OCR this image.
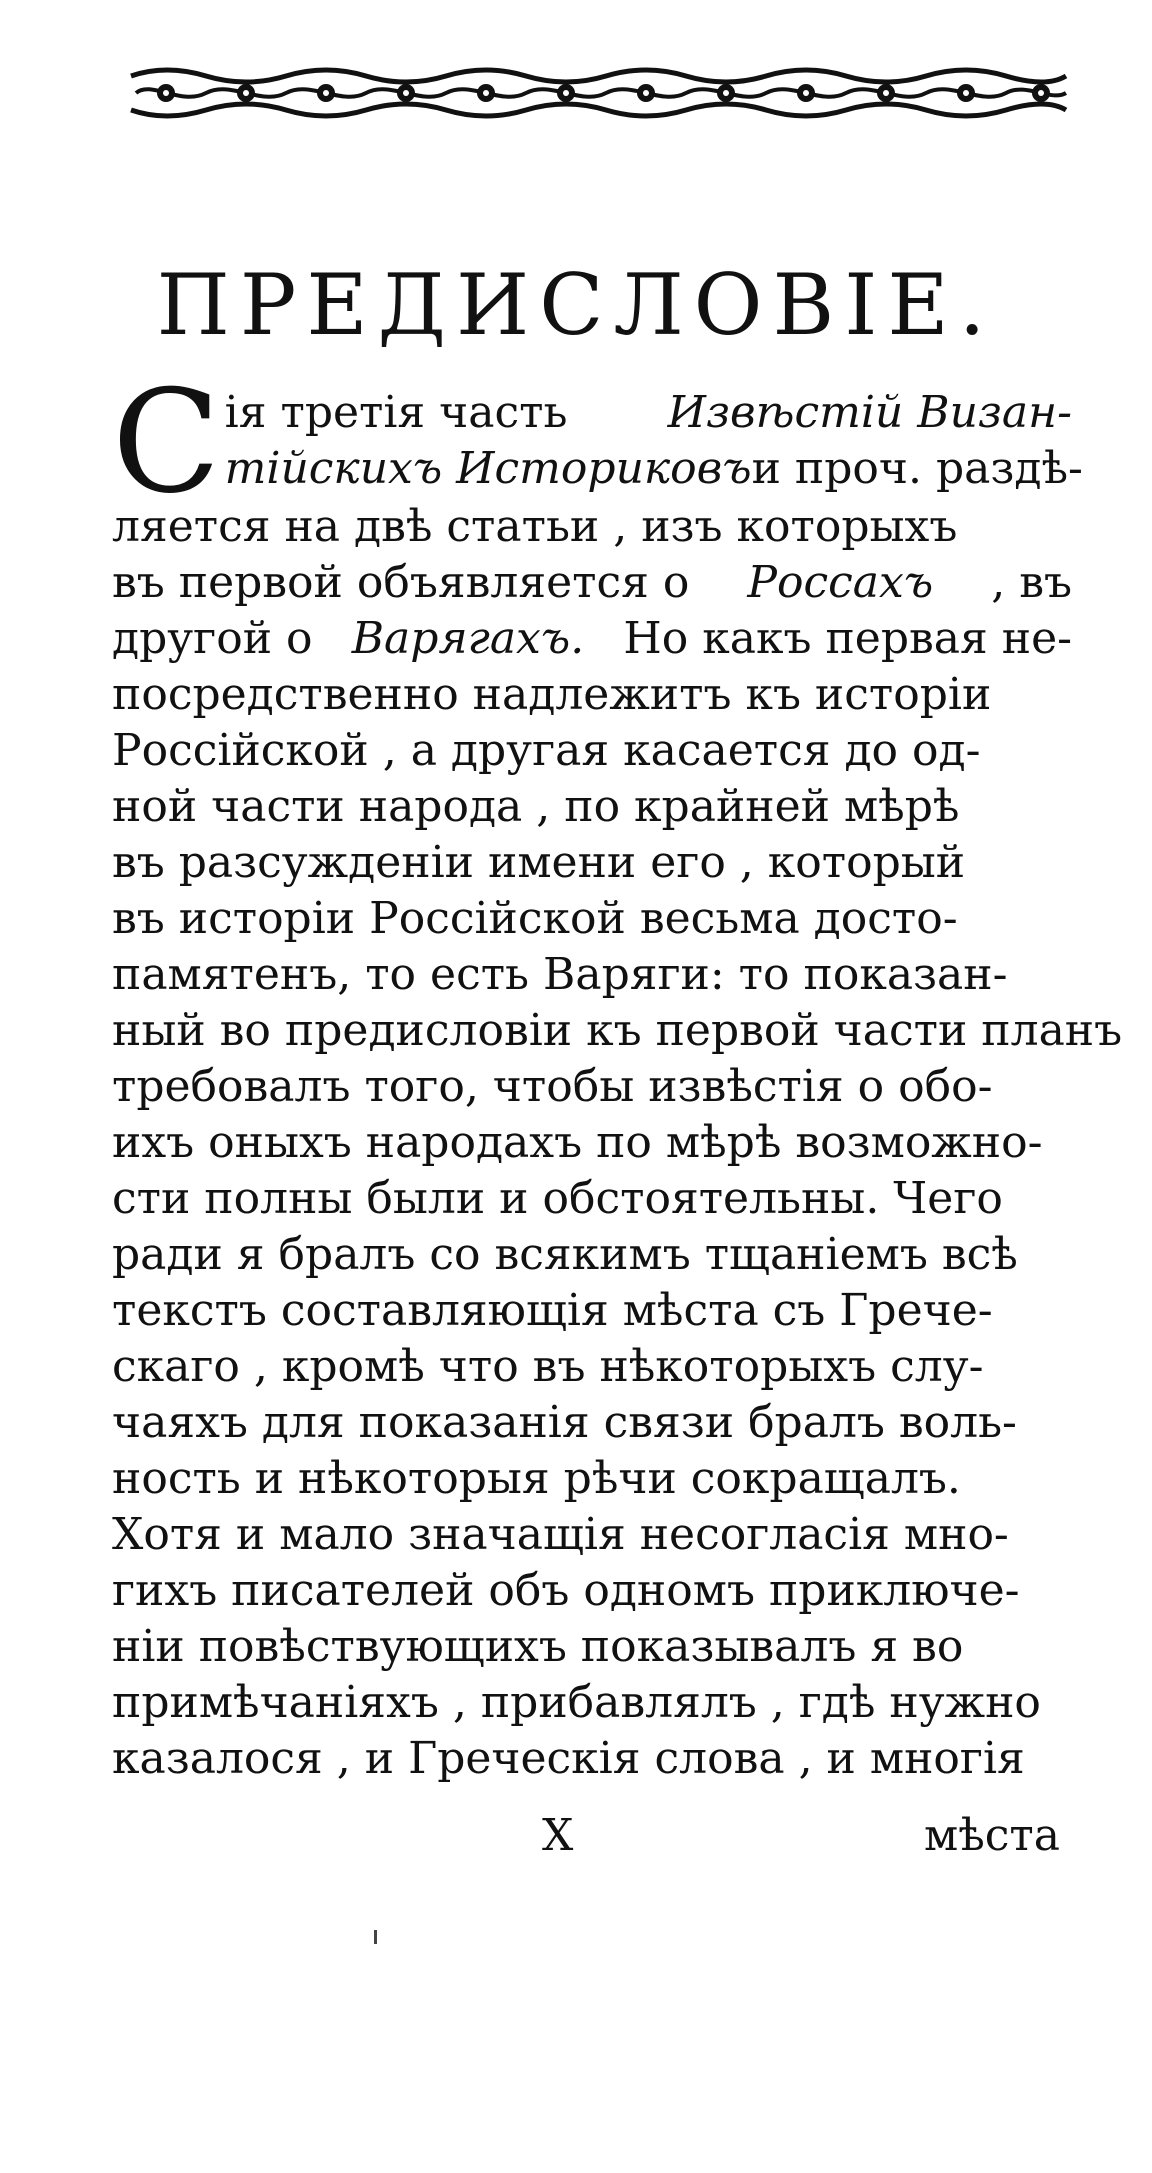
ПРЕДИСЛОВІЕ.
С ія третія часть Извѣстій Визан-
тійскихъ Историковъ и проч. раздѣ-
ляется на двѣ статьи , изъ которыхъ
въ первой объявляется о Россахъ , въ
другой о Варягахъ. Но какъ первая не-
посредственно надлежитъ къ исторіи
Россійской , а другая касается до од-
ной части народа , по крайней мѣрѣ
въ разсужденіи имени его , который
въ исторіи Россійской весьма досто-
памятенъ, то есть Варяги: то показан-
ный во предисловіи къ первой части планъ
требовалъ того, чтобы извѣстія о обо-
ихъ оныхъ народахъ по мѣрѣ возможно-
сти полны были и обстоятельны. Чего
ради я бралъ со всякимъ тщаніемъ всѣ
текстъ составляющія мѣста съ Грече-
скаго , кромѣ что въ нѣкоторыхъ слу-
чаяхъ для показанія связи бралъ воль-
ность и нѣкоторыя рѣчи сокращалъ.
Хотя и мало значащія несогласія мно-
гихъ писателей объ одномъ приключе-
ніи повѣствующихъ показывалъ я во
примѣчаніяхъ , прибавлялъ , гдѣ нужно
казалося , и Греческія слова , и многія
X	мѣста
